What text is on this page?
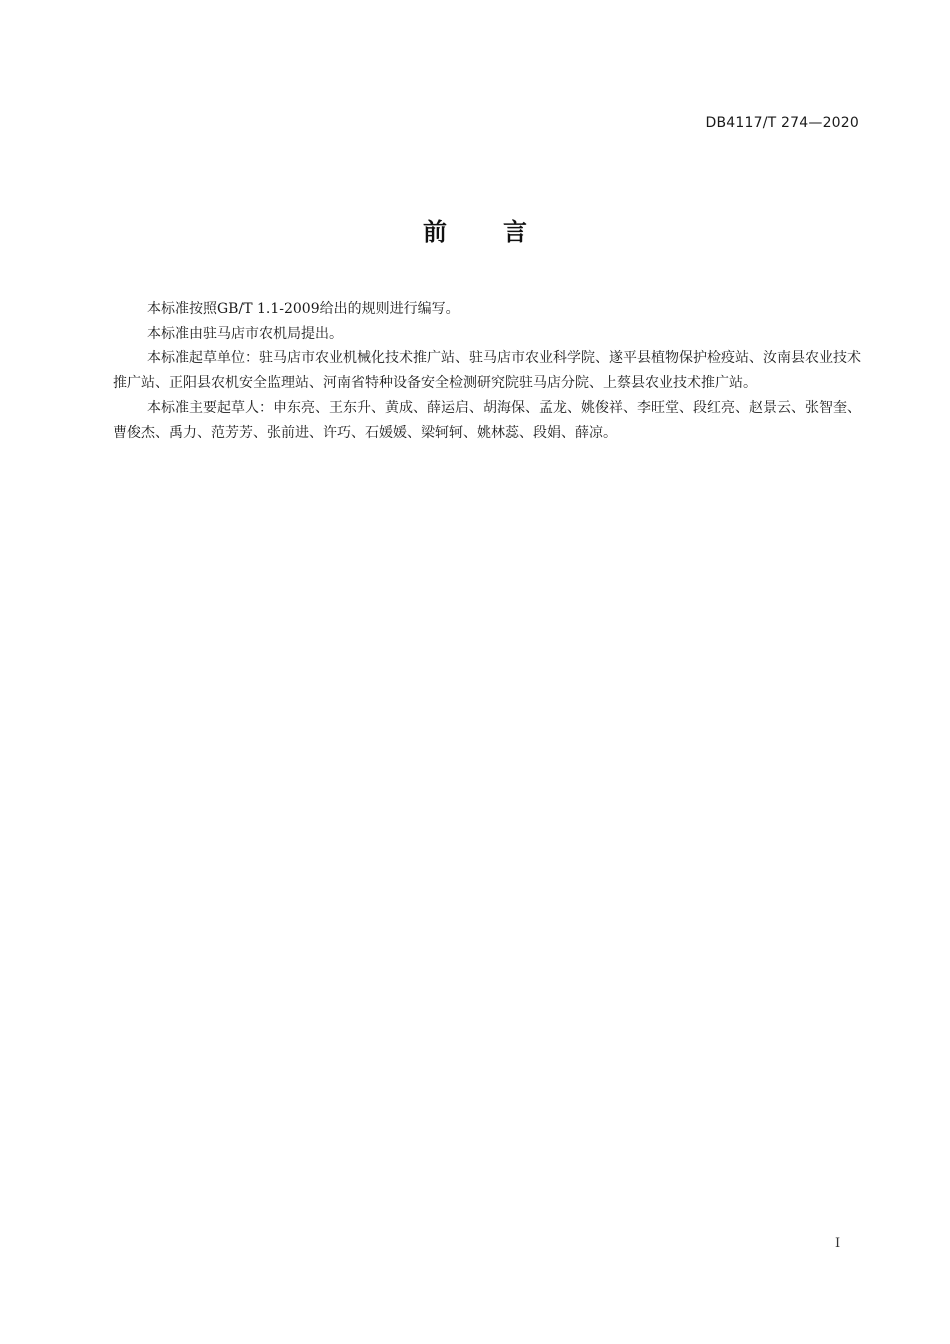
DB4117/T 274—2020
前 言

本标准按照GB/T 1.1-2009给出的规则进行编写。

本标准由驻马店市农机局提出。

本标准起草单位：驻马店市农业机械化技术推广站、驻马店市农业科学院、遂平县植物保护检疫站、汝南县农业技术推广站、正阳县农机安全监理站、河南省特种设备安全检测研究院驻马店分院、上蔡县农业技术推广站。

本标准主要起草人：申东亮、王东升、黄成、薛运启、胡海保、孟龙、姚俊祥、李旺堂、段红亮、赵景云、张智奎、曹俊杰、禹力、范芳芳、张前进、许巧、石媛媛、梁轲轲、姚林蕊、段娟、薛凉。

I
